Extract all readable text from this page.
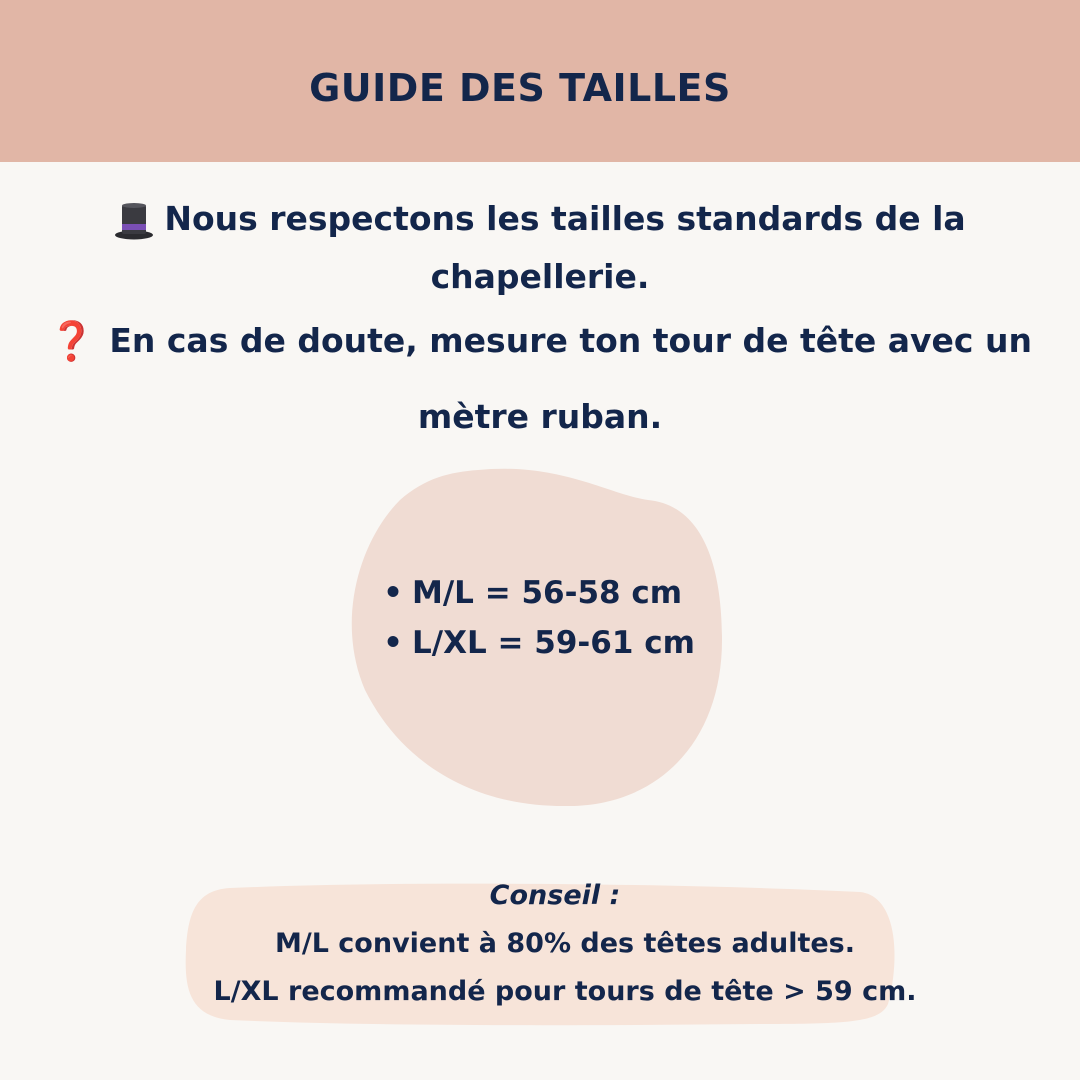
GUIDE DES TAILLES
Nous respectons les tailles standards de la
chapellerie.
❓ En cas de doute, mesure ton tour de tête avec un
mètre ruban.
• M/L = 56-58 cm
• L/XL = 59-61 cm
Conseil :
M/L convient à 80% des têtes adultes.
L/XL recommandé pour tours de tête > 59 cm.
